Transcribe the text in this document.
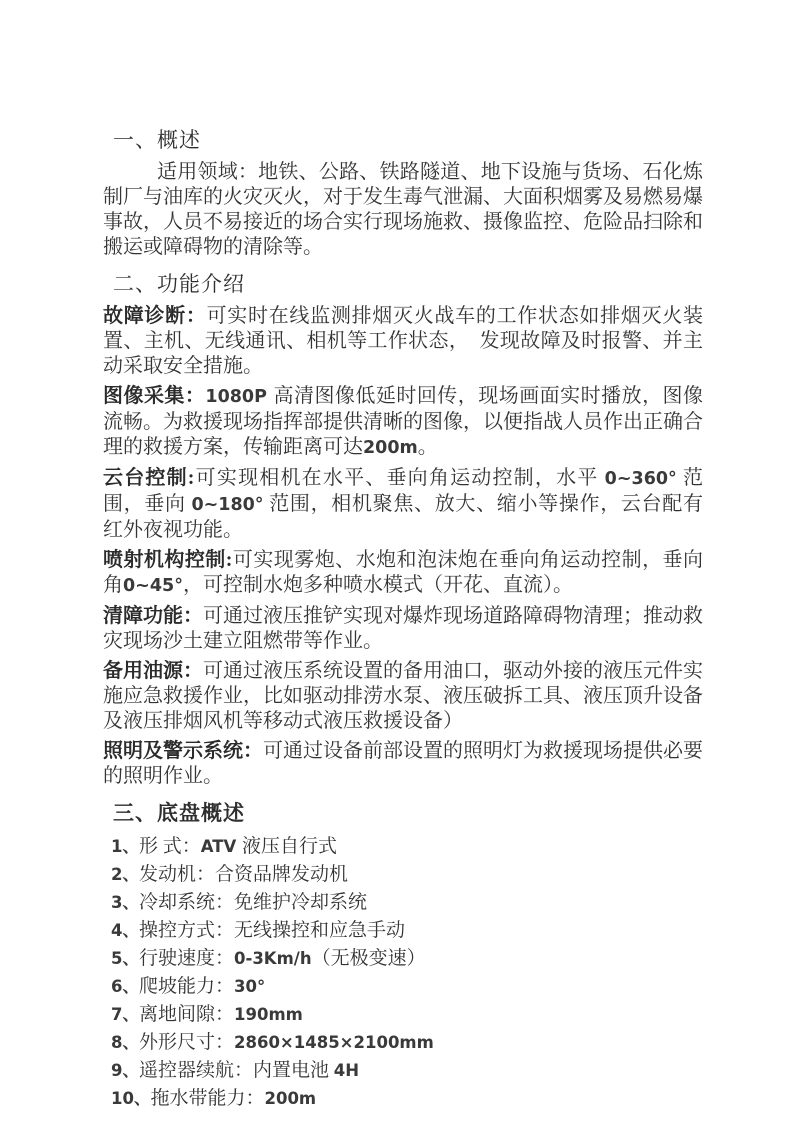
一、概述

适用领域：地铁、公路、铁路隧道、地下设施与货场、石化炼制厂与油库的火灾灭火，对于发生毒气泄漏、大面积烟雾及易燃易爆事故，人员不易接近的场合实行现场施救、摄像监控、危险品扫除和搬运或障碍物的清除等。

二、功能介绍

故障诊断：可实时在线监测排烟灭火战车的工作状态如排烟灭火装置、主机、无线通讯、相机等工作状态，　发现故障及时报警、并主动采取安全措施。

图像采集：1080P 高清图像低延时回传，现场画面实时播放，图像流畅。为救援现场指挥部提供清晰的图像，以便指战人员作出正确合理的救援方案，传输距离可达200m。

云台控制:可实现相机在水平、垂向角运动控制，水平 0~360° 范围，垂向 0~180° 范围，相机聚焦、放大、缩小等操作，云台配有红外夜视功能。

喷射机构控制:可实现雾炮、水炮和泡沫炮在垂向角运动控制，垂向角0~45°，可控制水炮多种喷水模式（开花、直流）。

清障功能：可通过液压推铲实现对爆炸现场道路障碍物清理；推动救灾现场沙土建立阻燃带等作业。

备用油源：可通过液压系统设置的备用油口，驱动外接的液压元件实施应急救援作业，比如驱动排涝水泵、液压破拆工具、液压顶升设备及液压排烟风机等移动式液压救援设备）

照明及警示系统：可通过设备前部设置的照明灯为救援现场提供必要的照明作业。

三、底盘概述
1、形 式：ATV 液压自行式
2、发动机：合资品牌发动机
3、冷却系统：免维护冷却系统
4、操控方式：无线操控和应急手动
5、行驶速度：0-3Km/h（无极变速）
6、爬坡能力：30°
7、离地间隙：190mm
8、外形尺寸：2860×1485×2100mm
9、遥控器续航：内置电池 4H
10、拖水带能力：200m
